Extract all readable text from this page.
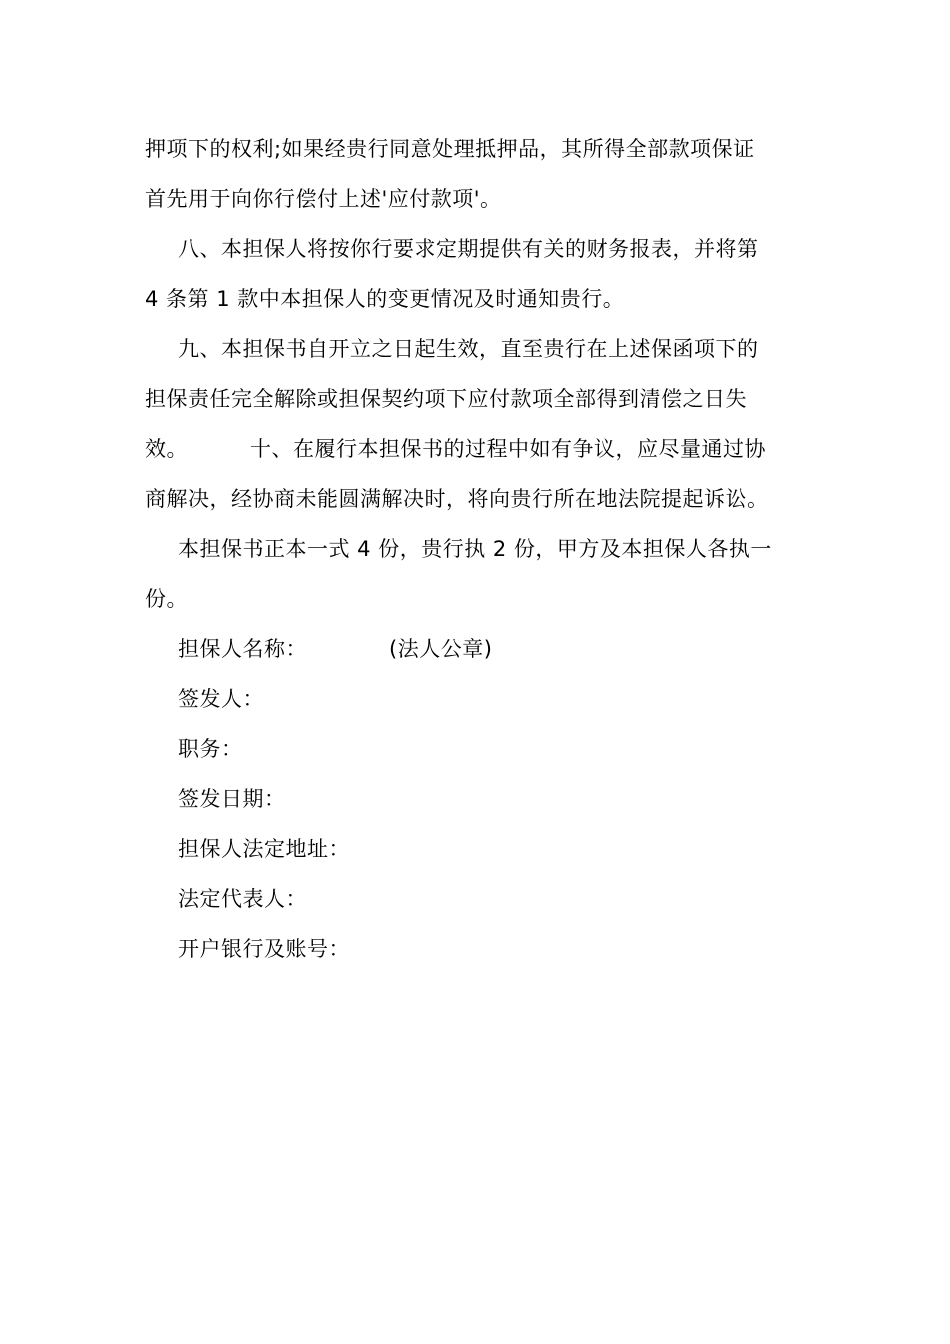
押项下的权利;如果经贵行同意处理抵押品，其所得全部款项保证
首先用于向你行偿付上述'应付款项'。
八、本担保人将按你行要求定期提供有关的财务报表，并将第
4 条第 1 款中本担保人的变更情况及时通知贵行。
九、本担保书自开立之日起生效，直至贵行在上述保函项下的
担保责任完全解除或担保契约项下应付款项全部得到清偿之日失
效。	十、在履行本担保书的过程中如有争议，应尽量通过协
商解决，经协商未能圆满解决时，将向贵行所在地法院提起诉讼。
本担保书正本一式 4 份，贵行执 2 份，甲方及本担保人各执一
份。
担保人名称：	(法人公章)
签发人：
职务：
签发日期：
担保人法定地址：
法定代表人：
开户银行及账号：
